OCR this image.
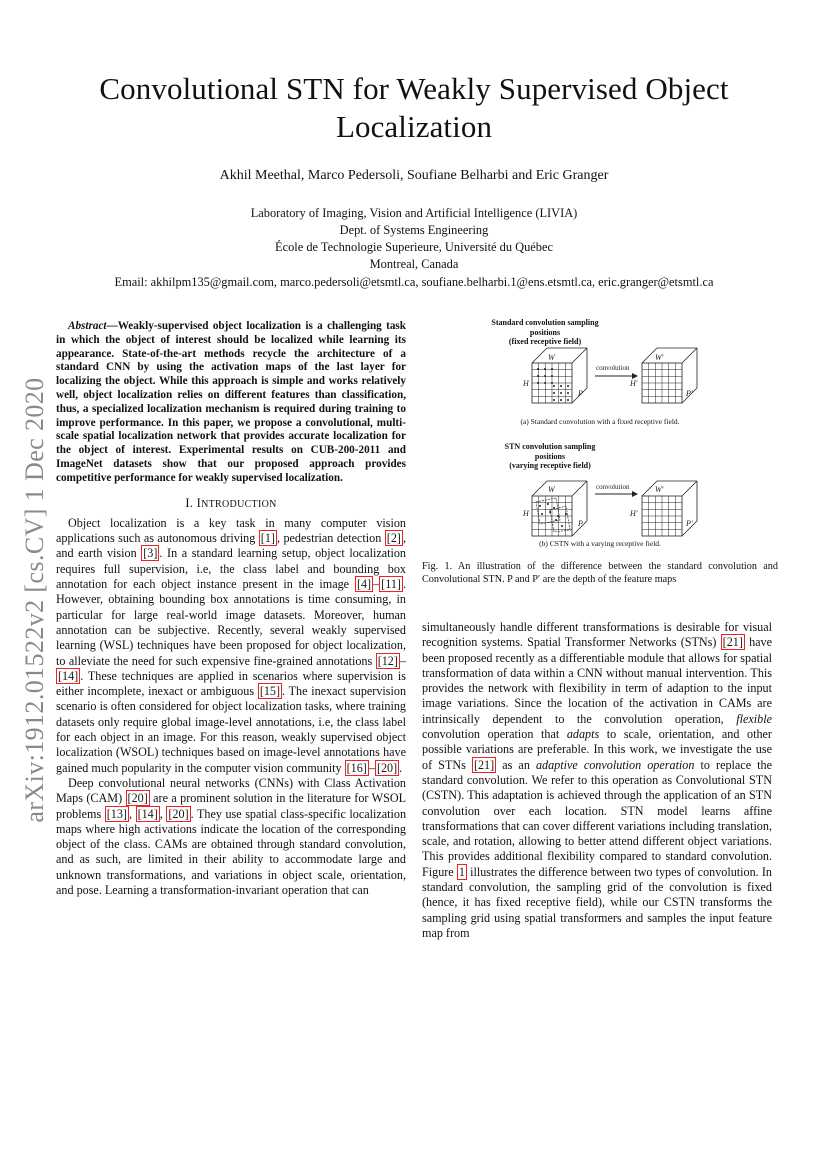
Convolutional STN for Weakly Supervised Object Localization
Akhil Meethal, Marco Pedersoli, Soufiane Belharbi and Eric Granger
Laboratory of Imaging, Vision and Artificial Intelligence (LIVIA)
Dept. of Systems Engineering
École de Technologie Superieure, Université du Québec
Montreal, Canada
Email: akhilpm135@gmail.com, marco.pedersoli@etsmtl.ca, soufiane.belharbi.1@ens.etsmtl.ca, eric.granger@etsmtl.ca
arXiv:1912.01522v2 [cs.CV] 1 Dec 2020

Abstract—Weakly-supervised object localization is a challenging task in which the object of interest should be localized while learning its appearance. State-of-the-art methods recycle the architecture of a standard CNN by using the activation maps of the last layer for localizing the object. While this approach is simple and works relatively well, object localization relies on different features than classification, thus, a specialized localization mechanism is required during training to improve performance. In this paper, we propose a convolutional, multi-scale spatial localization network that provides accurate localization for the object of interest. Experimental results on CUB-200-2011 and ImageNet datasets show that our proposed approach provides competitive performance for weakly supervised localization.

I. INTRODUCTION

Object localization is a key task in many computer vision applications such as autonomous driving [1] , pedestrian detection [2] , and earth vision [3] . In a standard learning setup, object localization requires full supervision, i.e, the class label and bounding box annotation for each object instance present in the image [4] – [11] . However, obtaining bounding box annotations is time consuming, in particular for large real-world image datasets. Moreover, human annotation can be subjective. Recently, several weakly supervised learning (WSL) techniques have been proposed for object localization, to alleviate the need for such expensive fine-grained annotations [12] –[14] . These techniques are applied in scenarios where supervision is either incomplete, inexact or ambiguous [15] . The inexact supervision scenario is often considered for object localization tasks, where training datasets only require global image-level annotations, i.e, the class label for each object in an image. For this reason, weakly supervised object localization (WSOL) techniques based on image-level annotations have gained much popularity in the computer vision community [16] – [20] .

Deep convolutional neural networks (CNNs) with Class Activation Maps (CAM) [20] are a prominent solution in the literature for WSOL problems [13] , [14] , [20] . They use spatial class-specific localization maps where high activations indicate the location of the corresponding object of the class. CAMs are obtained through standard convolution, and as such, are limited in their ability to accommodate large and unknown transformations, and variations in object scale, orientation, and pose. Learning a transformation-invariant operation that can

Standard convolution sampling
positions
(fixed receptive field)
W
H
P
W'
H'
P'
W
H
P
W'
H'
P'
convolution
convolution
(a) Standard convolution with a fixed receptive field.
STN convolution sampling
positions
(varying receptive field)
(b) CSTN with a varying receptive field.
Fig. 1. An illustration of the difference between the standard convolution and Convolutional STN. P and P′ are the depth of the feature maps

simultaneously handle different transformations is desirable for visual recognition systems. Spatial Transformer Networks (STNs) [21] have been proposed recently as a differentiable module that allows for spatial transformation of data within a CNN without manual intervention. This provides the network with flexibility in term of adaption to the input image variations. Since the location of the activation in CAMs are intrinsically dependent to the convolution operation, flexible convolution operation that adapts to scale, orientation, and other possible variations are preferable. In this work, we investigate the use of STNs [21] as an adaptive convolution operation to replace the standard convolution. We refer to this operation as Convolutional STN (CSTN). This adaptation is achieved through the application of an STN convolution over each location. STN model learns affine transformations that can cover different variations including translation, scale, and rotation, allowing to better attend different object variations. This provides additional flexibility compared to standard convolution. Figure 1 illustrates the difference between two types of convolution. In standard convolution, the sampling grid of the convolution is fixed (hence, it has fixed receptive field), while our CSTN transforms the sampling grid using spatial transformers and samples the input feature map from
